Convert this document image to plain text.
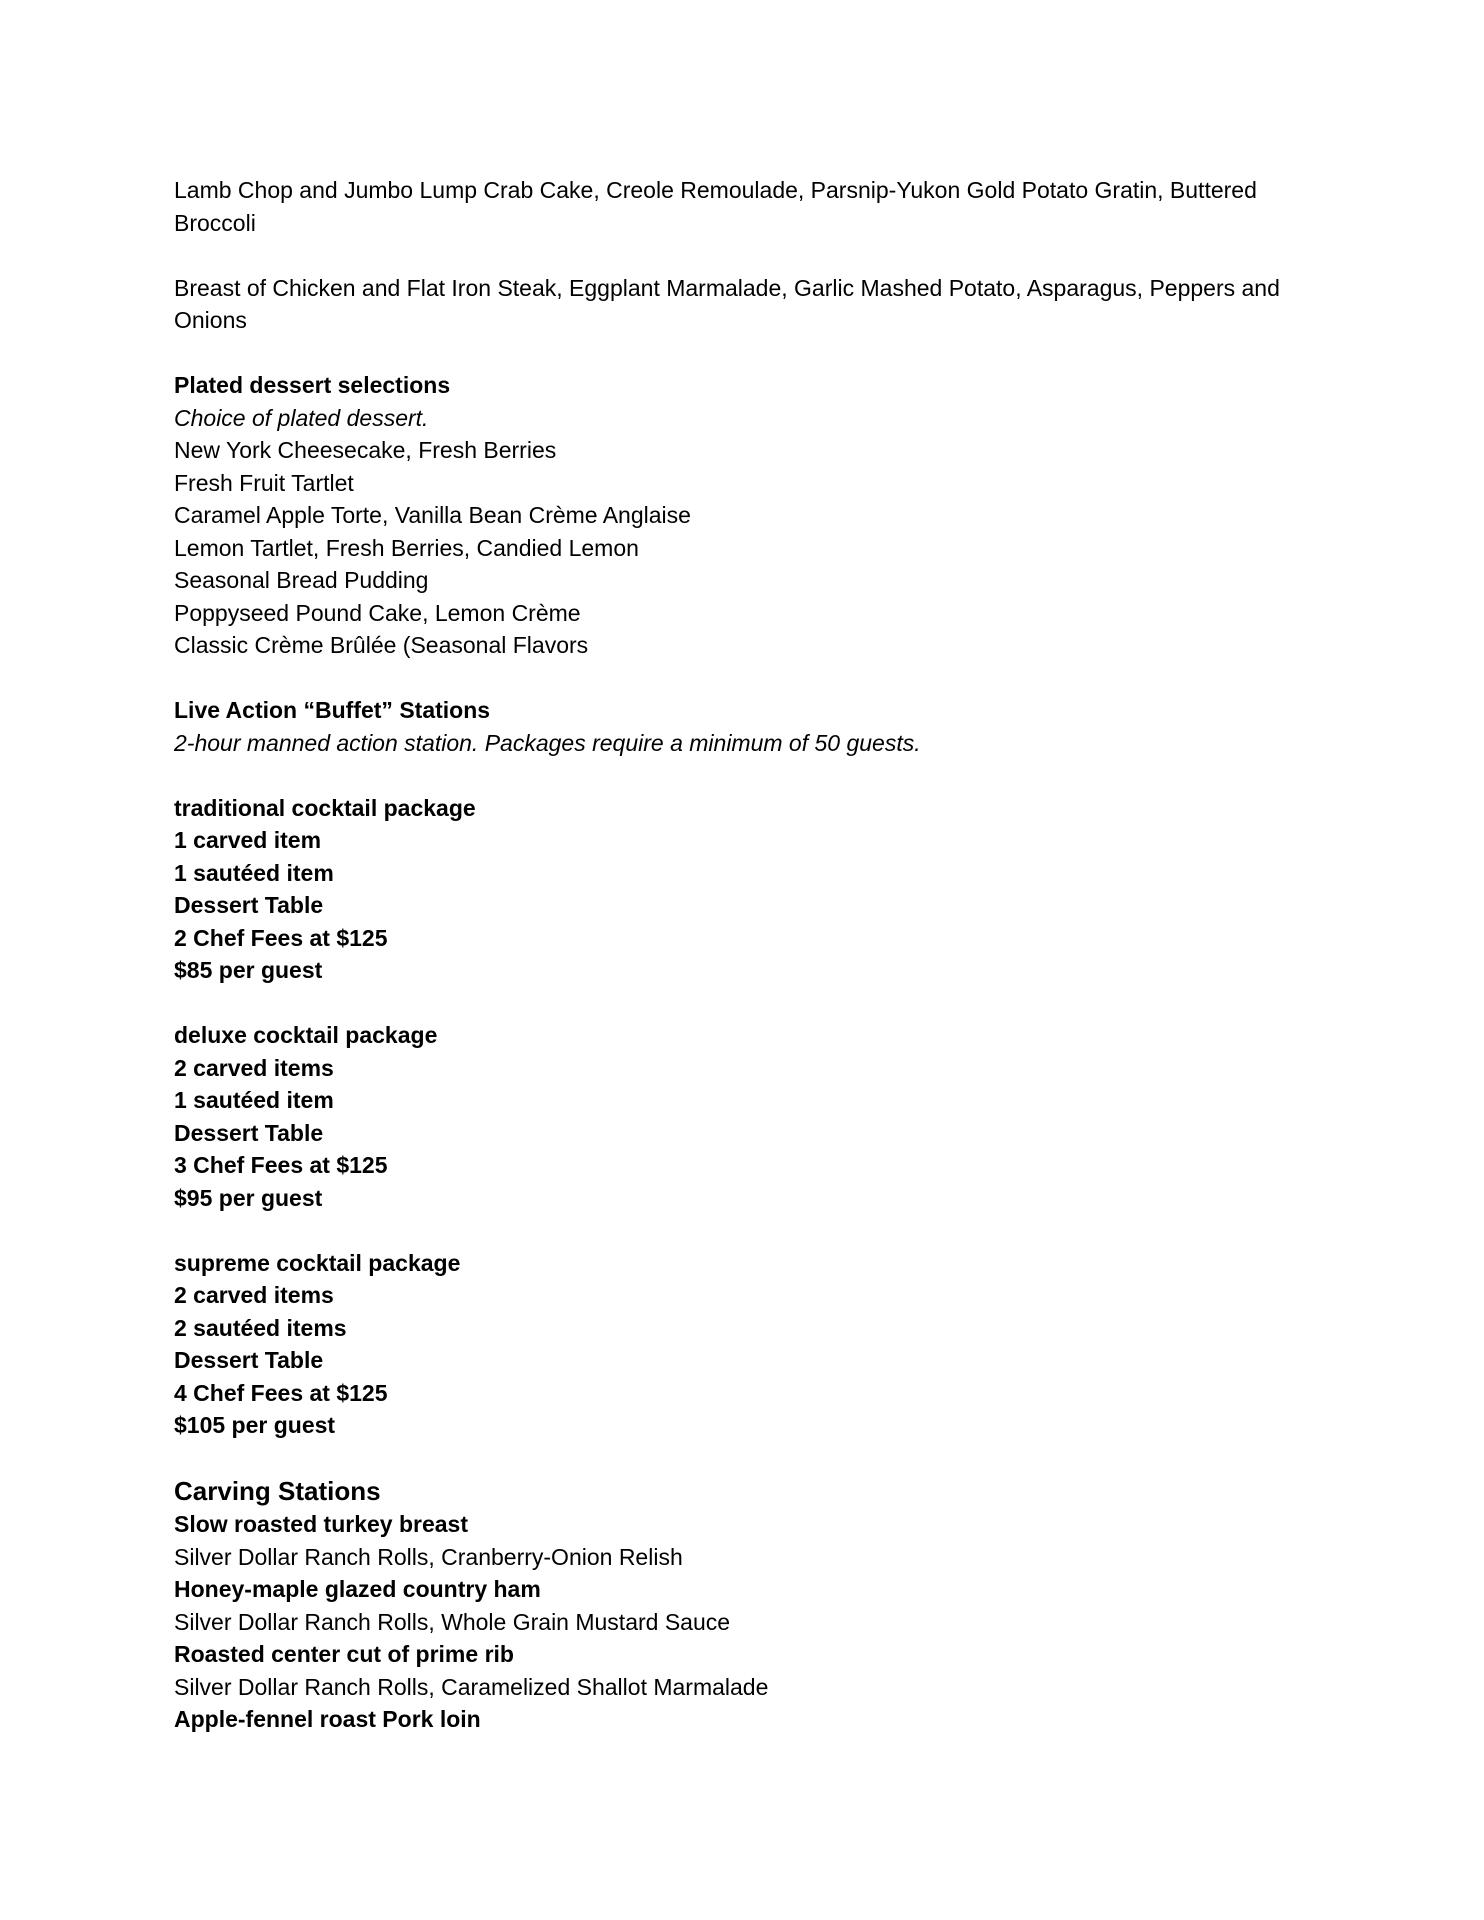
Lamb Chop and Jumbo Lump Crab Cake, Creole Remoulade, Parsnip-Yukon Gold Potato Gratin, Buttered Broccoli
Breast of Chicken and Flat Iron Steak, Eggplant Marmalade, Garlic Mashed Potato, Asparagus, Peppers and Onions
Plated dessert selections
Choice of plated dessert.
New York Cheesecake, Fresh Berries
Fresh Fruit Tartlet
Caramel Apple Torte, Vanilla Bean Crème Anglaise
Lemon Tartlet, Fresh Berries, Candied Lemon
Seasonal Bread Pudding
Poppyseed Pound Cake, Lemon Crème
Classic Crème Brûlée (Seasonal Flavors
Live Action “Buffet” Stations
2-hour manned action station. Packages require a minimum of 50 guests.
traditional cocktail package
1 carved item
1 sautéed item
Dessert Table
2 Chef Fees at $125
$85 per guest
deluxe cocktail package
2 carved items
1 sautéed item
Dessert Table
3 Chef Fees at $125
$95 per guest
supreme cocktail package
2 carved items
2 sautéed items
Dessert Table
4 Chef Fees at $125
$105 per guest
Carving Stations
Slow roasted turkey breast
Silver Dollar Ranch Rolls, Cranberry-Onion Relish
Honey-maple glazed country ham
Silver Dollar Ranch Rolls, Whole Grain Mustard Sauce
Roasted center cut of prime rib
Silver Dollar Ranch Rolls, Caramelized Shallot Marmalade
Apple-fennel roast Pork loin
